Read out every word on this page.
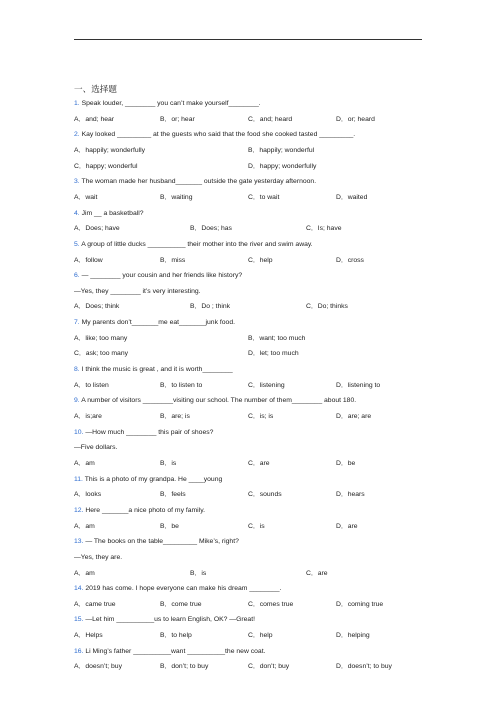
一、选择题
1. Speak louder, ________ you can’t make yourself________.
A．and; hear	B．or; hear	C．and; heard	D．or; heard
2. Kay looked _________ at the guests who said that the food she cooked tasted _________.
A．happily; wonderfully	B．happily; wonderful
C．happy; wonderful	D．happy; wonderfully
3. The woman made her husband_______ outside the gate yesterday afternoon.
A．wait	B．waiting	C．to wait	D．waited
4. Jim __ a basketball?
A．Does; have	B．Does; has	C．Is; have
5. A group of little ducks __________ their mother into the river and swim away.
A．follow	B．miss	C．help	D．cross
6. — ________ your cousin and her friends like history?
—Yes, they ________ it’s very interesting.
A．Does; think	B．Do ; think	C．Do; thinks
7. My parents don’t_______me eat_______junk food.
A．like; too many	B．want; too much
C．ask; too many	D．let; too much
8. I think the music is great , and it is worth________
A．to listen	B．to listen to	C．listening	D．listening to
9. A number of visitors ________visiting our school. The number of them________ about 180.
A．is;are	B．are; is	C．is; is	D．are; are
10. —How much ________ this pair of shoes?
—Five dollars.
A．am	B．is	C．are	D．be
11. This is a photo of my grandpa. He ____young
A．looks	B．feels	C．sounds	D．hears
12. Here _______a nice photo of my family.
A．am	B．be	C．is	D．are
13. — The books on the table_________ Mike’s, right?
—Yes, they are.
A．am	B．is	C．are
14. 2019 has come. I hope everyone can make his dream ________.
A．came true	B．come true	C．comes true	D．coming true
15. —Let him __________us to learn English, OK? —Great!
A．Helps	B．to help	C．help	D．helping
16. Li Ming’s father __________want __________the new coat.
A．doesn’t; buy	B．don’t; to buy	C．don’t; buy	D．doesn’t; to buy
